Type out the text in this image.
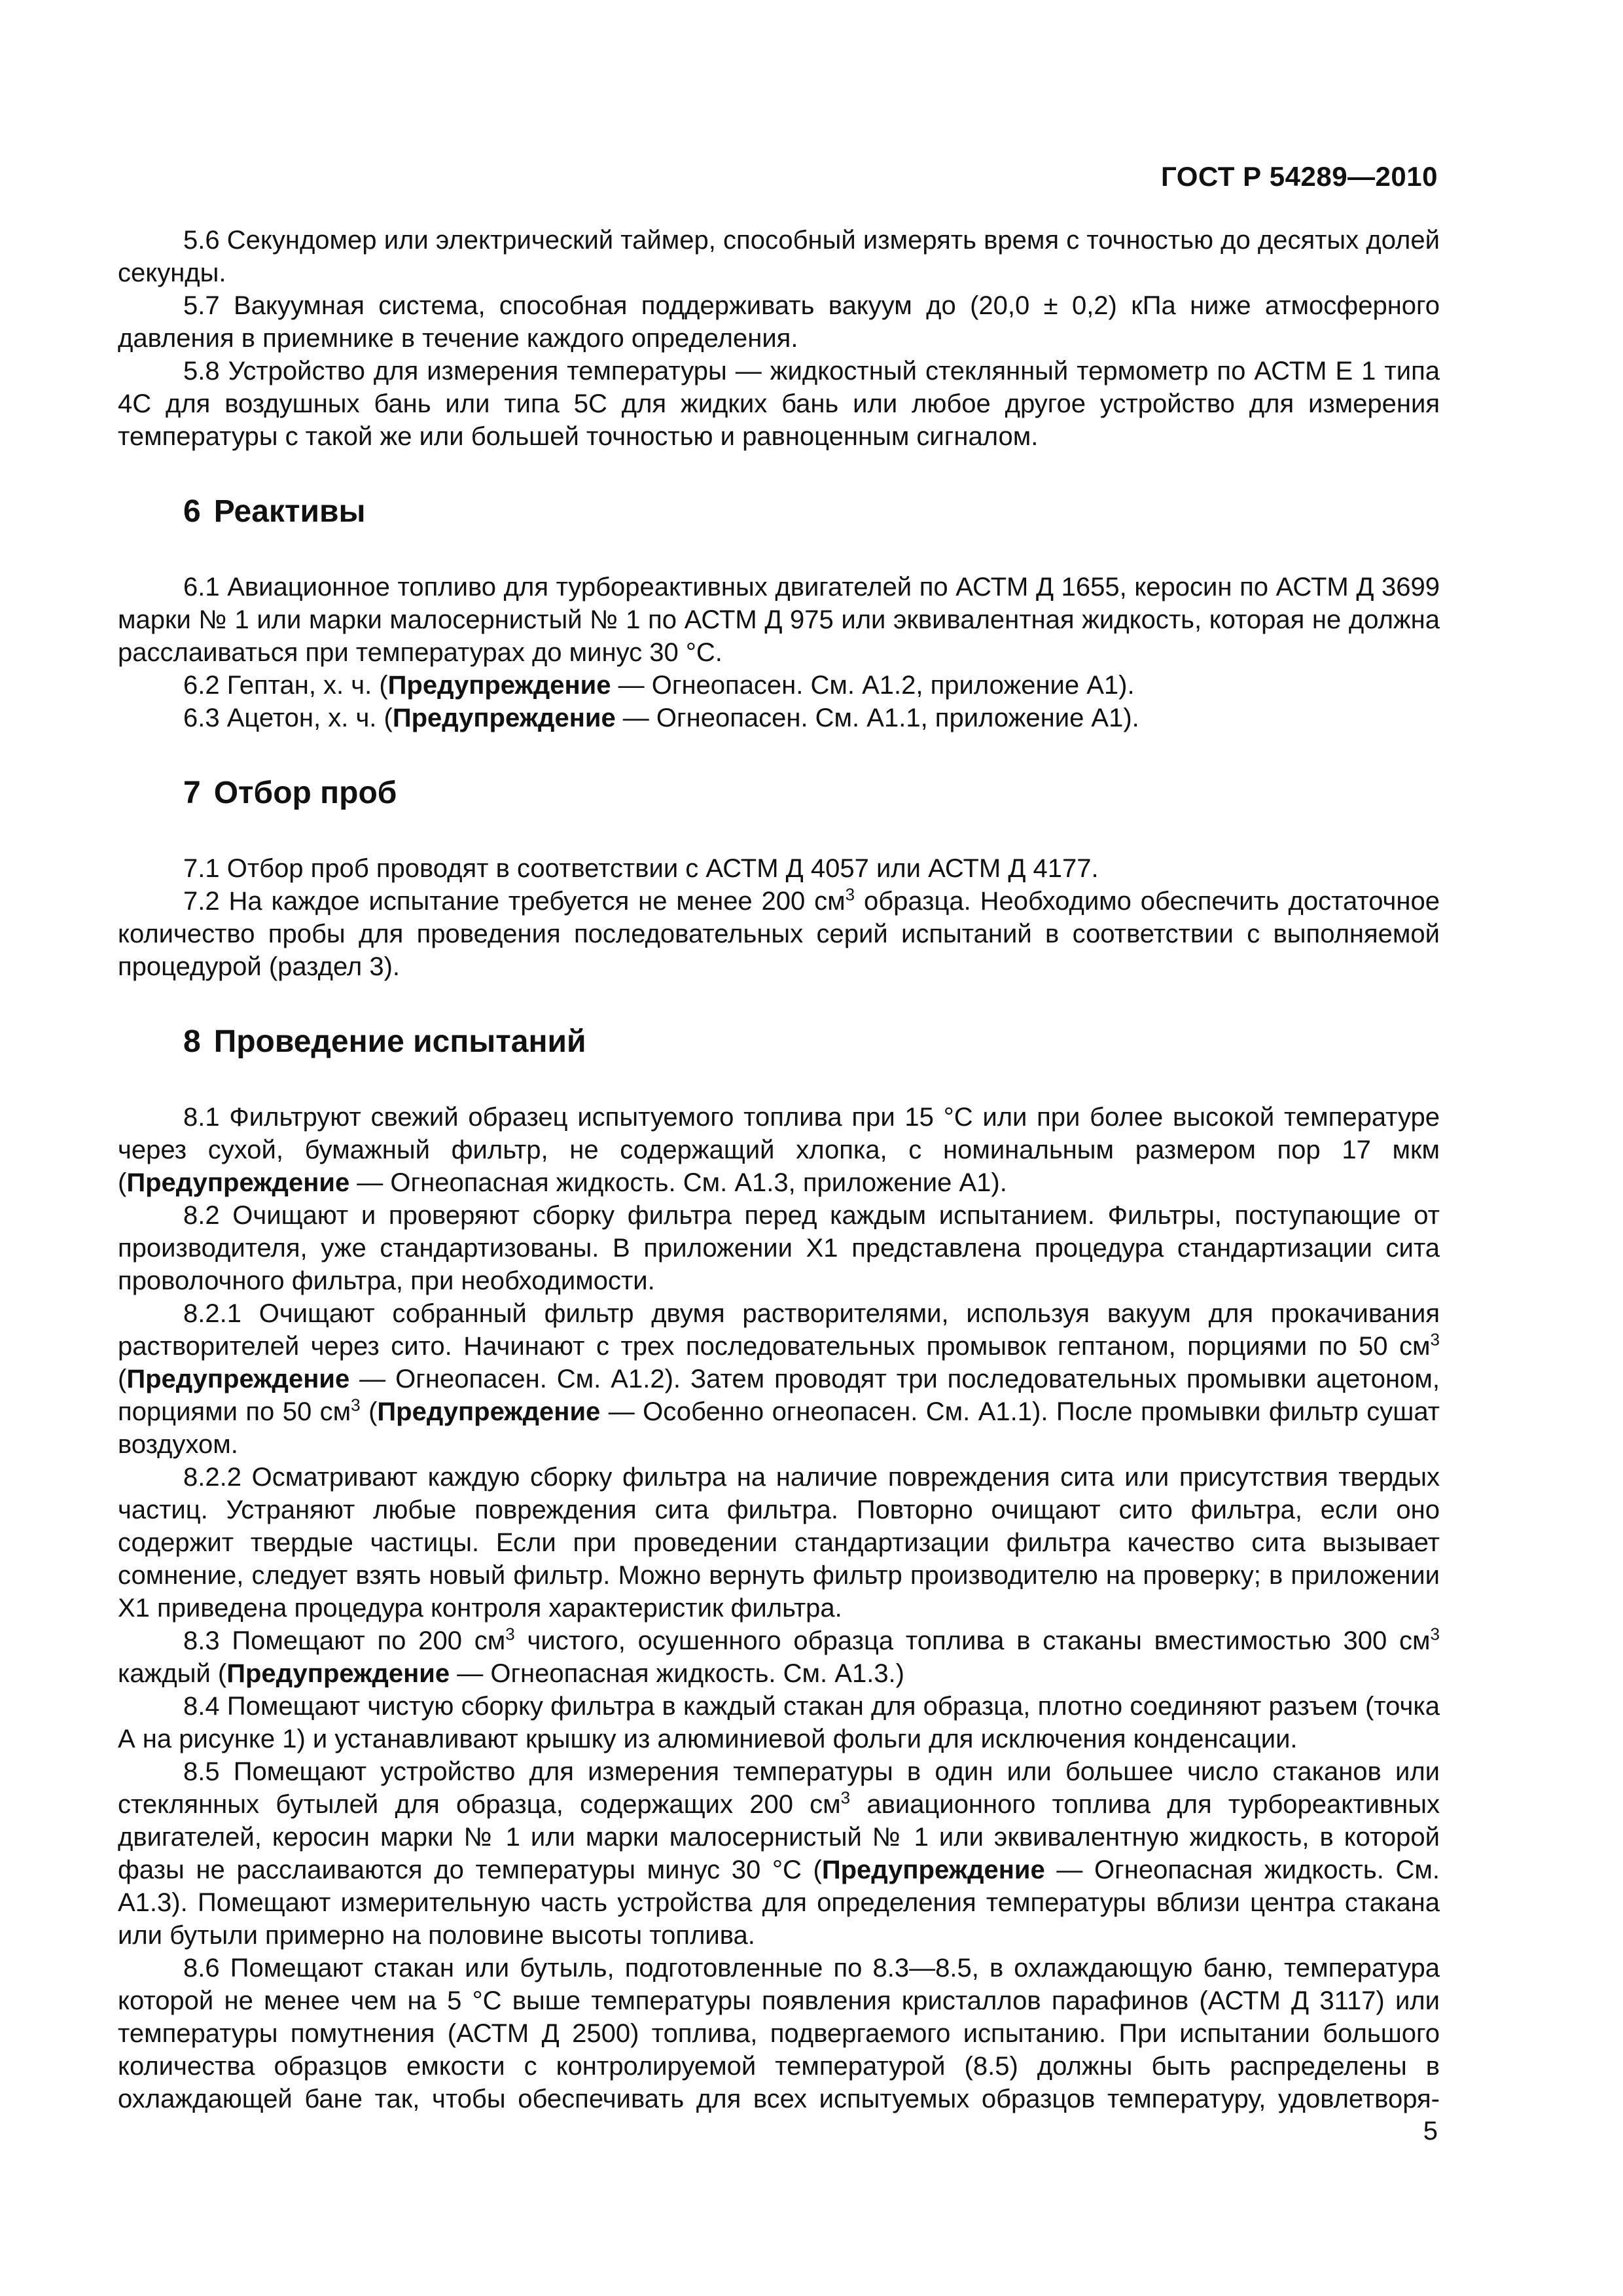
ГОСТ Р 54289—2010

5.6 Секундомер или электрический таймер, способный измерять время с точностью до десятых долей секунды.

5.7 Вакуумная система, способная поддерживать вакуум до (20,0 ± 0,2) кПа ниже атмосферного давления в приемнике в течение каждого определения.

5.8 Устройство для измерения температуры — жидкостный стеклянный термометр по АСТМ Е 1 типа 4С для воздушных бань или типа 5С для жидких бань или любое другое устройство для измерения температуры с такой же или большей точностью и равноценным сигналом.

6 Реактивы

6.1 Авиационное топливо для турбореактивных двигателей по АСТМ Д 1655, керосин по АСТМ Д 3699 марки № 1 или марки малосернистый № 1 по АСТМ Д 975 или эквивалентная жидкость, которая не должна расслаиваться при температурах до минус 30 °С.

6.2 Гептан, х. ч. (Предупреждение — Огнеопасен. См. А1.2, приложение А1).

6.3 Ацетон, х. ч. (Предупреждение — Огнеопасен. См. А1.1, приложение А1).

7 Отбор проб

7.1 Отбор проб проводят в соответствии с АСТМ Д 4057 или АСТМ Д 4177.

7.2 На каждое испытание требуется не менее 200 $см^3$ образца. Необходимо обеспечить достаточное количество пробы для проведения последовательных серий испытаний в соответствии с выполняемой процедурой (раздел 3).

8 Проведение испытаний

8.1 Фильтруют свежий образец испытуемого топлива при 15 °С или при более высокой температуре через сухой, бумажный фильтр, не содержащий хлопка, с номинальным размером пор 17 мкм (Предупреждение — Огнеопасная жидкость. См. А1.3, приложение А1).

8.2 Очищают и проверяют сборку фильтра перед каждым испытанием. Фильтры, поступающие от производителя, уже стандартизованы. В приложении Х1 представлена процедура стандартизации сита проволочного фильтра, при необходимости.

8.2.1 Очищают собранный фильтр двумя растворителями, используя вакуум для прокачивания растворителей через сито. Начинают с трех последовательных промывок гептаном, порциями по 50 $см^3$ (Предупреждение — Огнеопасен. См. А1.2). Затем проводят три последовательных промывки ацетоном, порциями по 50 $см^3$ (Предупреждение — Особенно огнеопасен. См. А1.1). После промывки фильтр сушат воздухом.

8.2.2 Осматривают каждую сборку фильтра на наличие повреждения сита или присутствия твердых частиц. Устраняют любые повреждения сита фильтра. Повторно очищают сито фильтра, если оно содержит твердые частицы. Если при проведении стандартизации фильтра качество сита вызывает сомнение, следует взять новый фильтр. Можно вернуть фильтр производителю на проверку; в приложении Х1 приведена процедура контроля характеристик фильтра.

8.3 Помещают по 200 $см^3$ чистого, осушенного образца топлива в стаканы вместимостью 300 $см^3$ каждый (Предупреждение — Огнеопасная жидкость. См. А1.3.)

8.4 Помещают чистую сборку фильтра в каждый стакан для образца, плотно соединяют разъем (точка А на рисунке 1) и устанавливают крышку из алюминиевой фольги для исключения конденсации.

8.5 Помещают устройство для измерения температуры в один или большее число стаканов или стеклянных бутылей для образца, содержащих 200 $см^3$ авиационного топлива для турбореактивных двигателей, керосин марки № 1 или марки малосернистый № 1 или эквивалентную жидкость, в которой фазы не расслаиваются до температуры минус 30 °С (Предупреждение — Огнеопасная жидкость. См. А1.3). Помещают измерительную часть устройства для определения температуры вблизи центра стакана или бутыли примерно на половине высоты топлива.

8.6 Помещают стакан или бутыль, подготовленные по 8.3—8.5, в охлаждающую баню, температура которой не менее чем на 5 °С выше температуры появления кристаллов парафинов (АСТМ Д 3117) или температуры помутнения (АСТМ Д 2500) топлива, подвергаемого испытанию. При испытании большого количества образцов емкости с контролируемой температурой (8.5) должны быть распределены в охлаждающей бане так, чтобы обеспечивать для всех испытуемых образцов температуру, удовлетворя-

5
